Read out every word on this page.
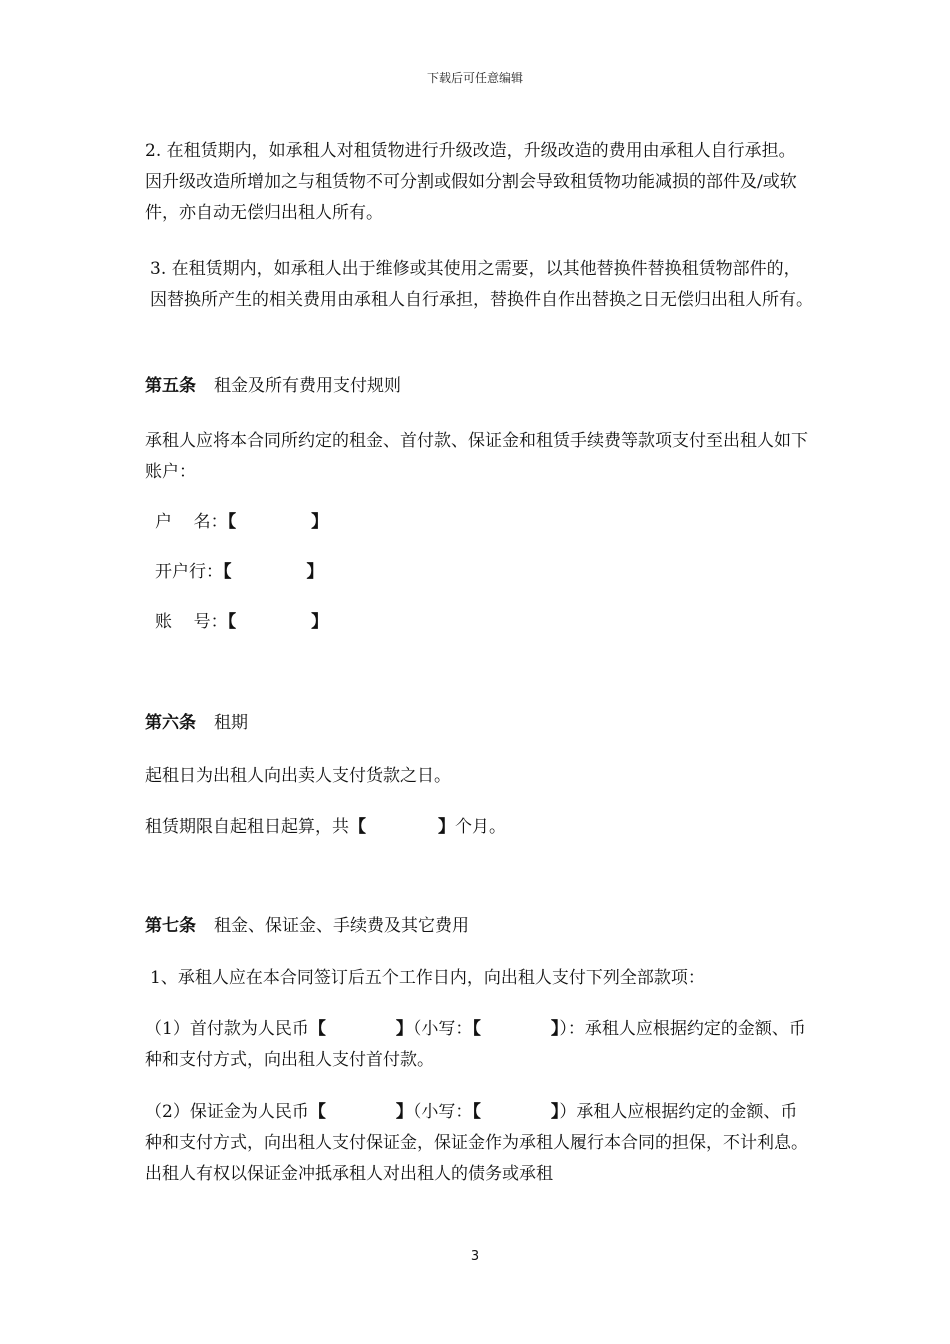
下载后可任意编辑

2. 在租赁期内，如承租人对租赁物进行升级改造，升级改造的费用由承租人自行承担。因升级改造所增加之与租赁物不可分割或假如分割会导致租赁物功能减损的部件及/或软件，亦自动无偿归出租人所有。

3. 在租赁期内，如承租人出于维修或其使用之需要，以其他替换件替换租赁物部件的，因替换所产生的相关费用由承租人自行承担，替换件自作出替换之日无偿归出租人所有。

第五条 租金及所有费用支付规则

承租人应将本合同所约定的租金、首付款、保证金和租赁手续费等款项支付至出租人如下账户：

户    名：【	】
开户行：【	】
账    号：【	】

第六条 租期

起租日为出租人向出卖人支付货款之日。

租赁期限自起租日起算，共【	】个月。

第七条 租金、保证金、手续费及其它费用

1、承租人应在本合同签订后五个工作日内，向出租人支付下列全部款项：

（1）首付款为人民币【	】（小写：【	】）：承租人应根据约定的金额、币种和支付方式，向出租人支付首付款。

（2）保证金为人民币【	】（小写：【	】）承租人应根据约定的金额、币种和支付方式，向出租人支付保证金，保证金作为承租人履行本合同的担保，不计利息。出租人有权以保证金冲抵承租人对出租人的债务或承租

3
